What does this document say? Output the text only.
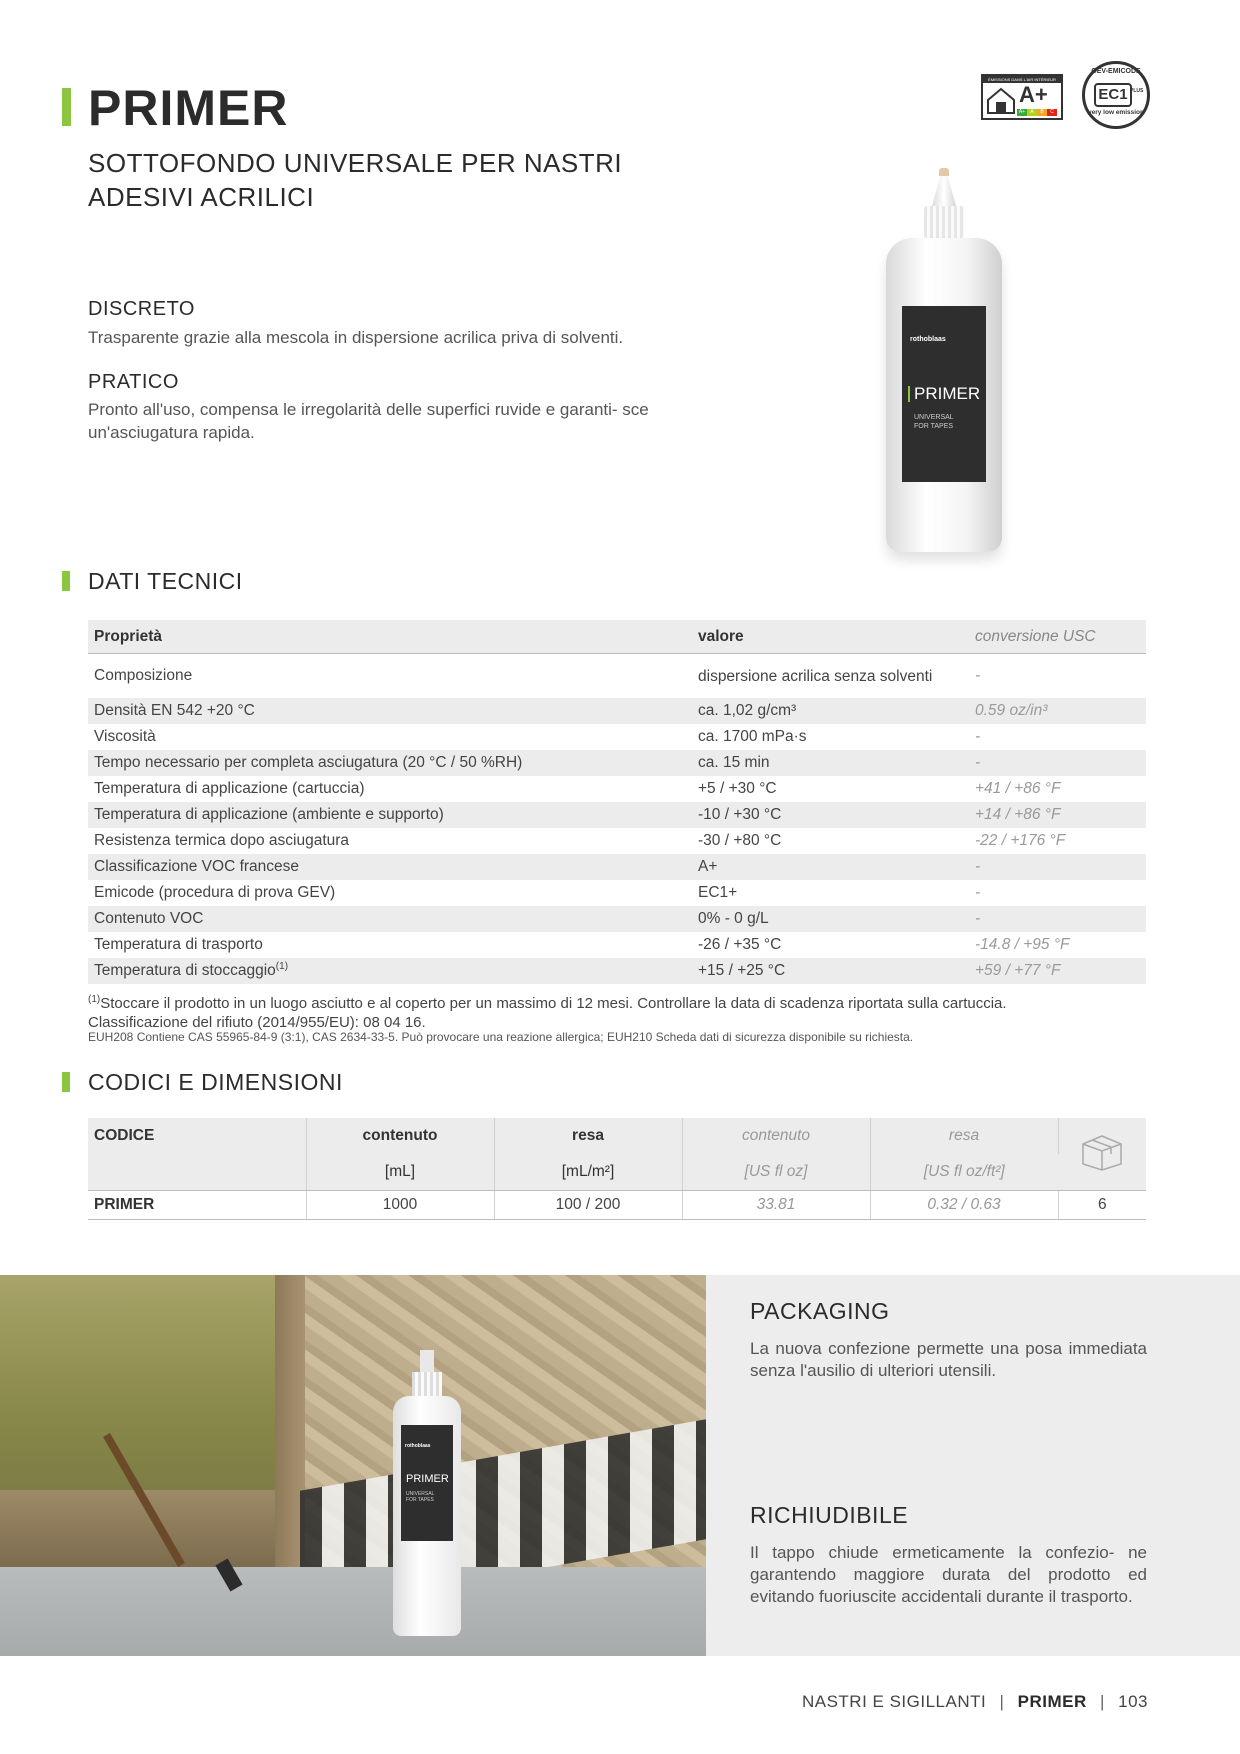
PRIMER
SOTTOFONDO UNIVERSALE PER NASTRI ADESIVI ACRILICI
ÉMISSIONS DANS L'AIR INTÉRIEUR
A+
A+	A	B	C
GEV-EMICODE
EC1 PLUS
very low emission
rothoblaas
PRIMER
UNIVERSAL
FOR TAPES
DISCRETO
Trasparente grazie alla mescola in dispersione acrilica priva di solventi.
PRATICO
Pronto all'uso, compensa le irregolarità delle superfici ruvide e garanti- sce un'asciugatura rapida.
DATI TECNICI
Proprietà	valore	conversione USC
Composizione	dispersione acrilica senza solventi	-
Densità EN 542 +20 °C	ca. 1,02 g/cm³	0.59 oz/in³
Viscosità	ca. 1700 mPa·s	-
Tempo necessario per completa asciugatura (20 °C / 50 %RH)	ca. 15 min	-
Temperatura di applicazione (cartuccia)	+5 / +30 °C	+41 / +86 °F
Temperatura di applicazione (ambiente e supporto)	-10 / +30 °C	+14 / +86 °F
Resistenza termica dopo asciugatura	-30 / +80 °C	-22 / +176 °F
Classificazione VOC francese	A+	-
Emicode (procedura di prova GEV)	EC1+	-
Contenuto VOC	0% - 0 g/L	-
Temperatura di trasporto	-26 / +35 °C	-14.8 / +95 °F
Temperatura di stoccaggio$^{(1)}$	+15 / +25 °C	+59 / +77 °F
$^{(1)}$Stoccare il prodotto in un luogo asciutto e al coperto per un massimo di 12 mesi. Controllare la data di scadenza riportata sulla cartuccia.
Classificazione del rifiuto (2014/955/EU): 08 04 16.
EUH208 Contiene CAS 55965-84-9 (3:1), CAS 2634-33-5. Può provocare una reazione allergica; EUH210 Scheda dati di sicurezza disponibile su richiesta.
CODICI E DIMENSIONI
CODICE	contenuto	resa	contenuto	resa	
	[mL]	[mL/m²]	[US fl oz]	[US fl oz/ft²]	
PRIMER	1000	100 / 200	33.81	0.32 / 0.63	6
rothoblaas
PRIMER
UNIVERSAL
FOR TAPES
PACKAGING
La nuova confezione permette una posa immediata senza l'ausilio di ulteriori utensili.
RICHIUDIBILE
Il tappo chiude ermeticamente la confezio- ne garantendo maggiore durata del prodotto ed evitando fuoriuscite accidentali durante il trasporto.
NASTRI E SIGILLANTI | PRIMER | 103
